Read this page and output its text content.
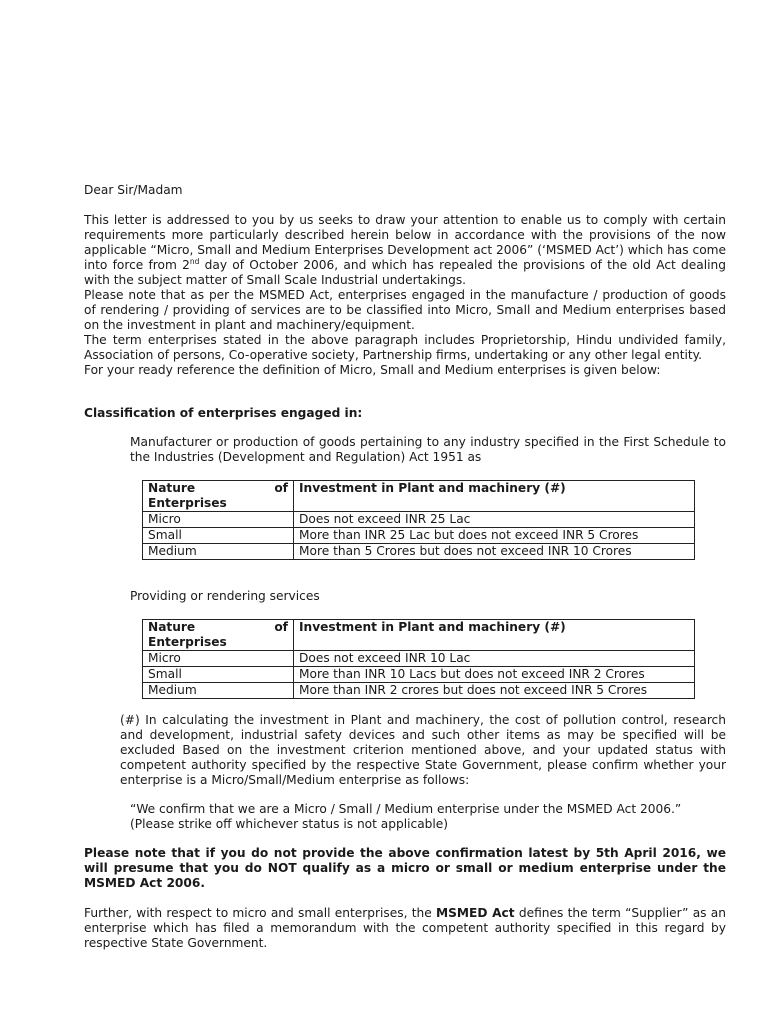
Dear Sir/Madam

This letter is addressed to you by us seeks to draw your attention to enable us to comply with certain requirements more particularly described herein below in accordance with the provisions of the now applicable “Micro, Small and Medium Enterprises Development act 2006” (‘MSMED Act’) which has come into force from 2nd day of October 2006, and which has repealed the provisions of the old Act dealing with the subject matter of Small Scale Industrial undertakings.

Please note that as per the MSMED Act, enterprises engaged in the manufacture / production of goods of rendering / providing of services are to be classified into Micro, Small and Medium enterprises based on the investment in plant and machinery/equipment.

The term enterprises stated in the above paragraph includes Proprietorship, Hindu undivided family, Association of persons, Co-operative society, Partnership firms, undertaking or any other legal entity.

For your ready reference the definition of Micro, Small and Medium enterprises is given below:

Classification of enterprises engaged in:

Manufacturer or production of goods pertaining to any industry specified in the First Schedule to the Industries (Development and Regulation) Act 1951 as

Nature of
Enterprises	Investment in Plant and machinery (#)
Micro	Does not exceed INR 25 Lac
Small	More than INR 25 Lac but does not exceed INR 5 Crores
Medium	More than 5 Crores but does not exceed INR 10 Crores

Providing or rendering services

Nature of
Enterprises	Investment in Plant and machinery (#)
Micro	Does not exceed INR 10 Lac
Small	More than INR 10 Lacs but does not exceed INR 2 Crores
Medium	More than INR 2 crores but does not exceed INR 5 Crores

(#) In calculating the investment in Plant and machinery, the cost of pollution control, research and development, industrial safety devices and such other items as may be specified will be excluded Based on the investment criterion mentioned above, and your updated status with competent authority specified by the respective State Government, please confirm whether your enterprise is a Micro/Small/Medium enterprise as follows:

“We confirm that we are a Micro / Small / Medium enterprise under the MSMED Act 2006.”

(Please strike off whichever status is not applicable)

Please note that if you do not provide the above confirmation latest by 5th April 2016, we will presume that you do NOT qualify as a micro or small or medium enterprise under the MSMED Act 2006.

Further, with respect to micro and small enterprises, the MSMED Act defines the term “Supplier” as an enterprise which has filed a memorandum with the competent authority specified in this regard by respective State Government.
